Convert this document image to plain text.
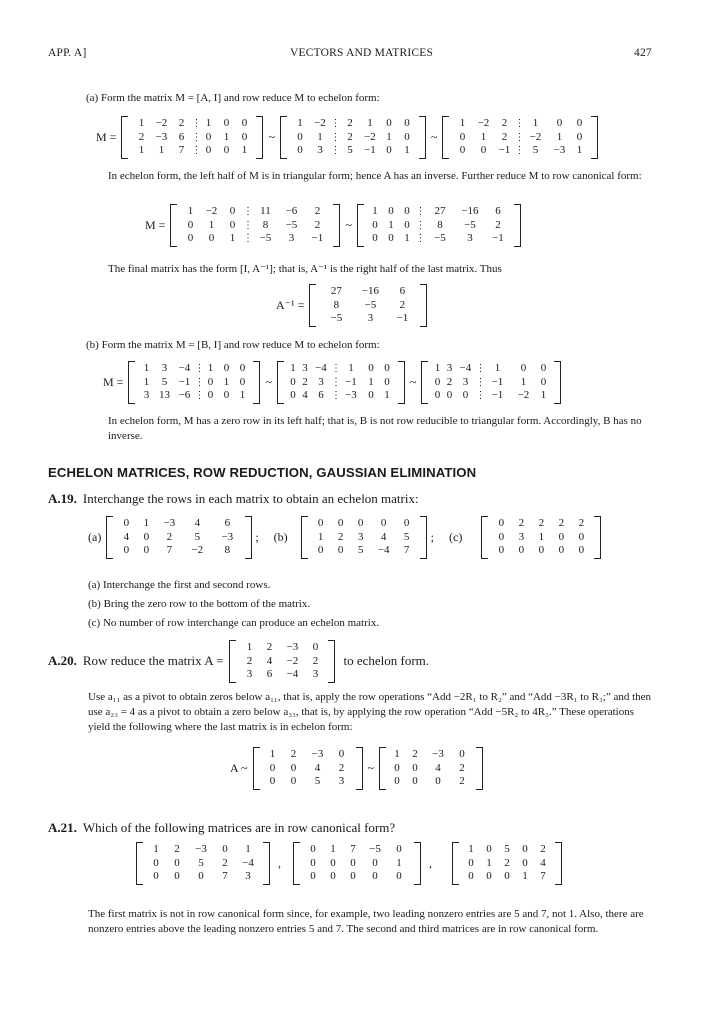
APP. A]	VECTORS AND MATRICES	427
(a) Form the matrix M = [A, I] and row reduce M to echelon form:
M =
1	−2	2 ⋮ 1	0	0
2	−3	6 ⋮ 0	1	0
1	1	7 ⋮ 0	0	1
~
1	−2 ⋮ 2	1	0	0
0	1 ⋮ 2	−2 1	0
0	3 ⋮ 5	−1 0	1
~
1	−2	2 ⋮ 1	0	0
0	1	2 ⋮ −2	1	0
0	0	−1 ⋮ 5	−3	1
In echelon form, the left half of M is in triangular form; hence A has an inverse. Further reduce M to row canonical form:
M =
1	−2	0 ⋮ 11	−6	2
0	1	0 ⋮ 8	−5	2
0	0	1 ⋮ −5	3	−1
~
1 0 0 ⋮ 27	−16	6
0 1 0 ⋮	8	−5	2
0 0 1 ⋮ −5	3	−1
The final matrix has the form [I, A⁻¹]; that is, A⁻¹ is the right half of the last matrix. Thus
A⁻¹ =
27	−16	6
8	−5	2
−5	3	−1
(b) Form the matrix M = [B, I] and row reduce M to echelon form:
M =
1	3	−4 ⋮ 1 0 0
1	5	−1 ⋮ 0 1 0
3 13 −6 ⋮ 0 0 1
~
1 3 −4 ⋮ 1	0 0
0 2 3 ⋮ −1	1 0
0 4 6 ⋮ −3	0 1
~
1 3 −4 ⋮ 1	0	0
0 2 3 ⋮ −1	1	0
0 0 0 ⋮ −1	−2	1
In echelon form, M has a zero row in its left half; that is, B is not row reducible to triangular form. Accordingly, B has no inverse.
ECHELON MATRICES, ROW REDUCTION, GAUSSIAN ELIMINATION
A.19. Interchange the rows in each matrix to obtain an echelon matrix:
(a)
0	1	−3	4	6
4	0	2	5	−3
0	0	7	−2	8
; (b)
0	0	0	0	0
1	2	3	4	5
0	0	5	−4	7
; (c)
0	2	2	2	2
0	3	1	0	0
0	0	0	0	0
(a) Interchange the first and second rows.
(b) Bring the zero row to the bottom of the matrix.
(c) No number of row interchange can produce an echelon matrix.
A.20. Row reduce the matrix A =
1	2	−3	0
2	4	−2	2
3	6	−4	3
to echelon form.
Use a₁₁ as a pivot to obtain zeros below a₁₁, that is, apply the row operations “Add −2R₁ to R₂” and “Add −3R₁ to R₃;” and then use a₂₃ = 4 as a pivot to obtain a zero below a₃₃, that is, by applying the row operation “Add −5R₂ to 4R₃.” These operations yield the following where the last matrix is in echelon form:
A ~
1	2	−3	0
0	0	4	2
0	0	5	3
~
1	2	−3	0
0	0	4	2
0	0	0	2
A.21. Which of the following matrices are in row canonical form?
1	2	−3	0	1
0	0	5	2	−4
0	0	0	7	3
,
0	1	7	−5	0
0	0	0	0	1
0	0	0	0	0
,
1	0	5	0	2
0	1	2	0	4
0	0	0	1	7
The first matrix is not in row canonical form since, for example, two leading nonzero entries are 5 and 7, not 1. Also, there are nonzero entries above the leading nonzero entries 5 and 7. The second and third matrices are in row canonical form.
